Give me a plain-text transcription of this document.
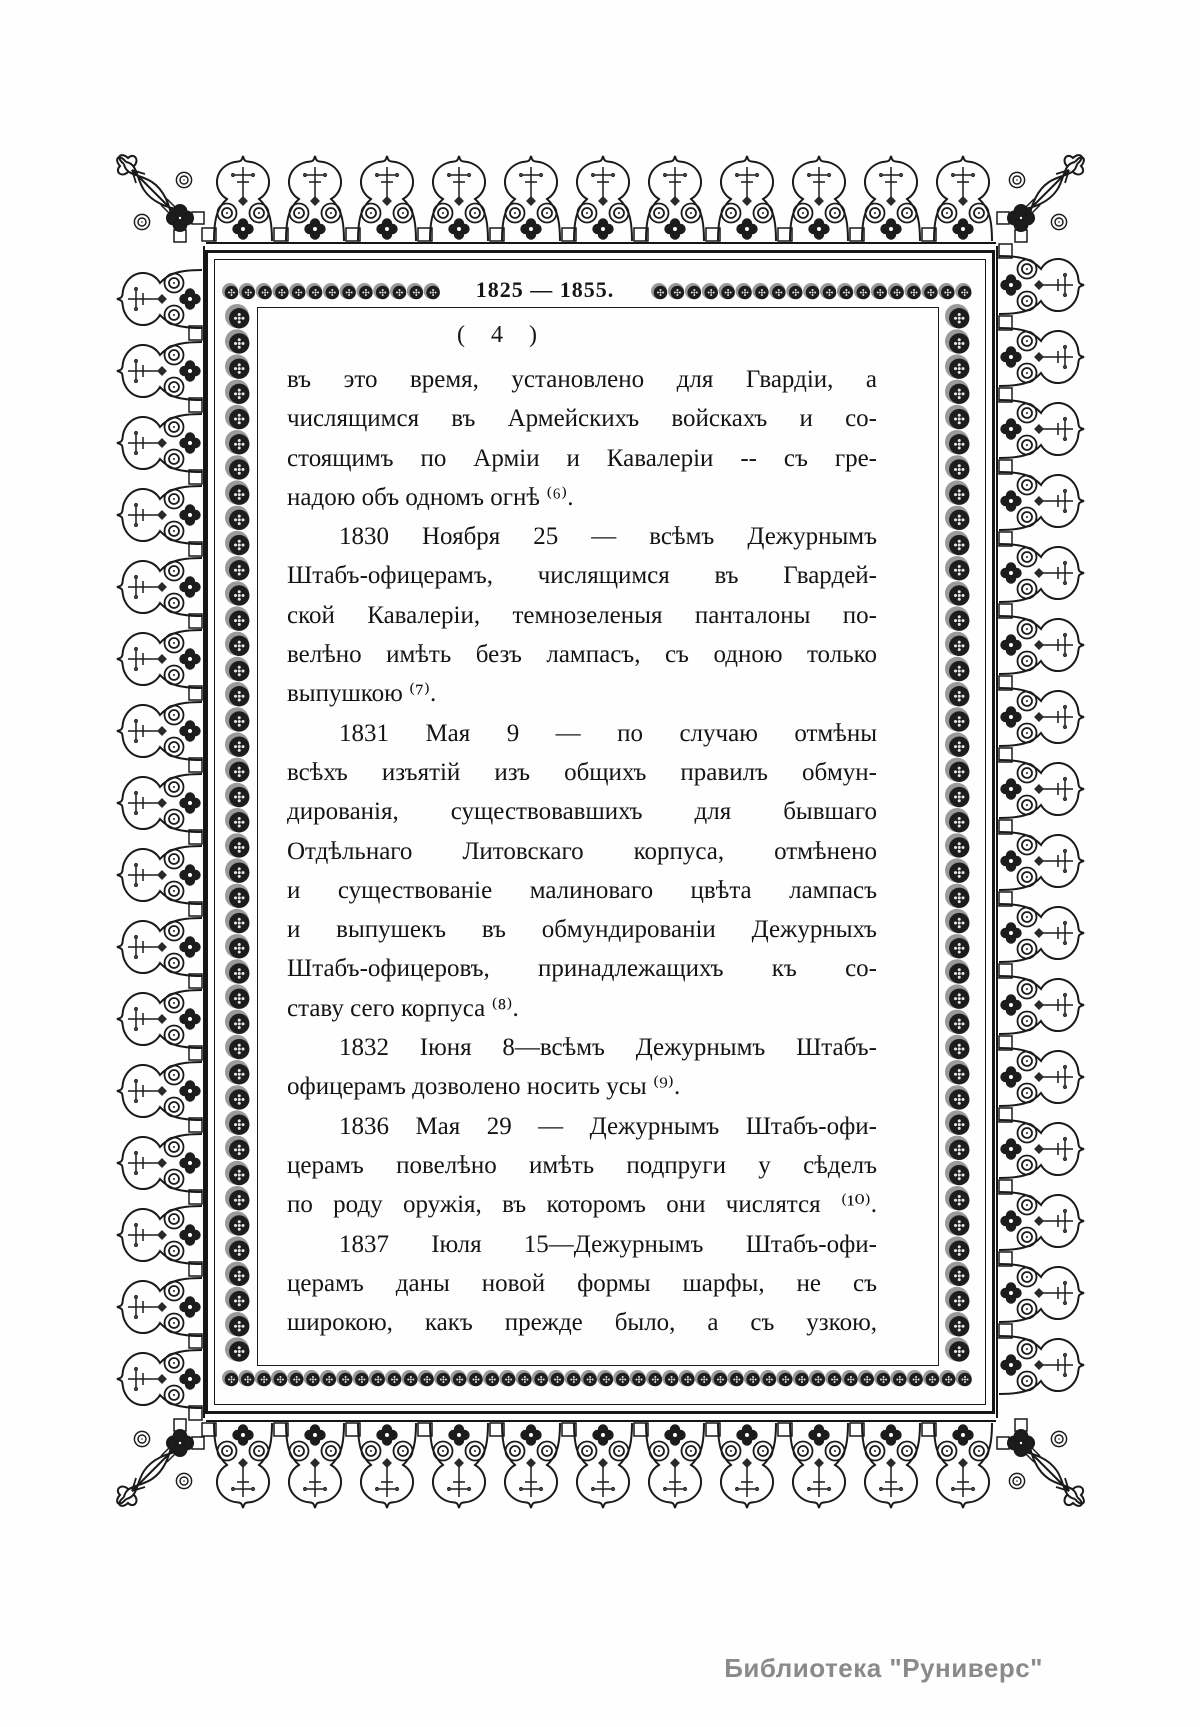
1825 — 1855.
( 4 )
въ это время, установлено для Гвардіи, а
числящимся въ Армейскихъ войскахъ и со-
стоящимъ по Арміи и Кавалеріи -- съ гре-
надою объ одномъ огнѣ ⁽⁶⁾.
1830 Ноября 25 — всѣмъ Дежурнымъ
Штабъ-офицерамъ, числящимся въ Гвардей-
ской Кавалеріи, темнозеленыя панталоны по-
велѣно имѣть безъ лампасъ, съ одною только
выпушкою ⁽⁷⁾.
1831 Мая 9 — по случаю отмѣны
всѣхъ изъятій изъ общихъ правилъ обмун-
дированія, существовавшихъ для бывшаго
Отдѣльнаго Литовскаго корпуса, отмѣнено
и существованіе малиноваго цвѣта лампасъ
и выпушекъ въ обмундированіи Дежурныхъ
Штабъ-офицеровъ, принадлежащихъ къ со-
ставу сего корпуса ⁽⁸⁾.
1832 Іюня 8—всѣмъ Дежурнымъ Штабъ-
офицерамъ дозволено носить усы ⁽⁹⁾.
1836 Мая 29 — Дежурнымъ Штабъ-офи-
церамъ повелѣно имѣть подпруги у сѣделъ
по роду оружія, въ которомъ они числятся ⁽¹⁰⁾.
1837 Іюля 15—Дежурнымъ Штабъ-офи-
церамъ даны новой формы шарфы, не съ
широкою, какъ прежде было, а съ узкою,
Библиотека "Руниверс"
